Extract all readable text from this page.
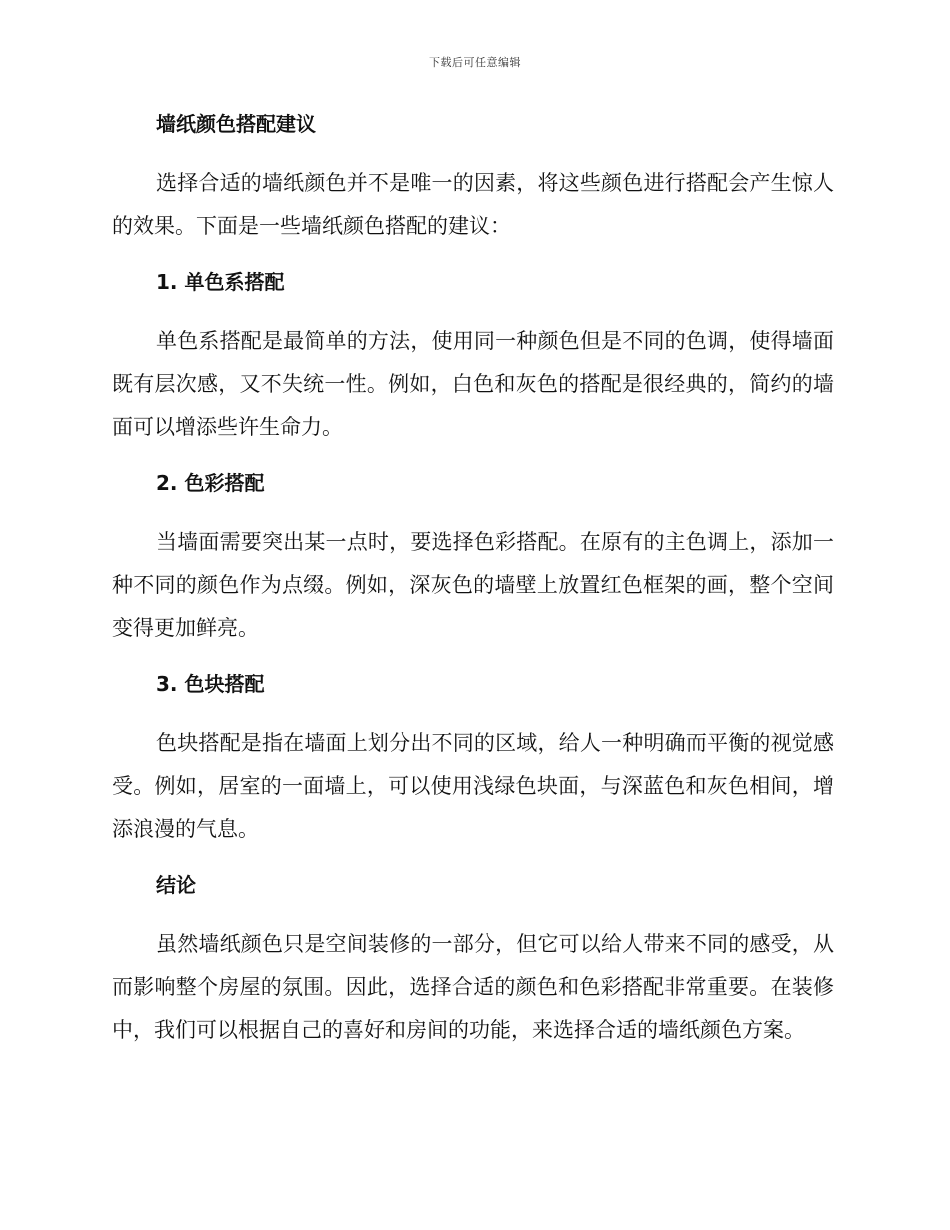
下载后可任意编辑
墙纸颜色搭配建议

选择合适的墙纸颜色并不是唯一的因素，将这些颜色进行搭配会产生惊人的效果。下面是一些墙纸颜色搭配的建议：

1. 单色系搭配

单色系搭配是最简单的方法，使用同一种颜色但是不同的色调，使得墙面既有层次感，又不失统一性。例如，白色和灰色的搭配是很经典的，简约的墙面可以增添些许生命力。

2. 色彩搭配

当墙面需要突出某一点时，要选择色彩搭配。在原有的主色调上，添加一种不同的颜色作为点缀。例如，深灰色的墙壁上放置红色框架的画，整个空间变得更加鲜亮。

3. 色块搭配

色块搭配是指在墙面上划分出不同的区域，给人一种明确而平衡的视觉感受。例如，居室的一面墙上，可以使用浅绿色块面，与深蓝色和灰色相间，增添浪漫的气息。

结论

虽然墙纸颜色只是空间装修的一部分，但它可以给人带来不同的感受，从而影响整个房屋的氛围。因此，选择合适的颜色和色彩搭配非常重要。在装修中，我们可以根据自己的喜好和房间的功能，来选择合适的墙纸颜色方案。
